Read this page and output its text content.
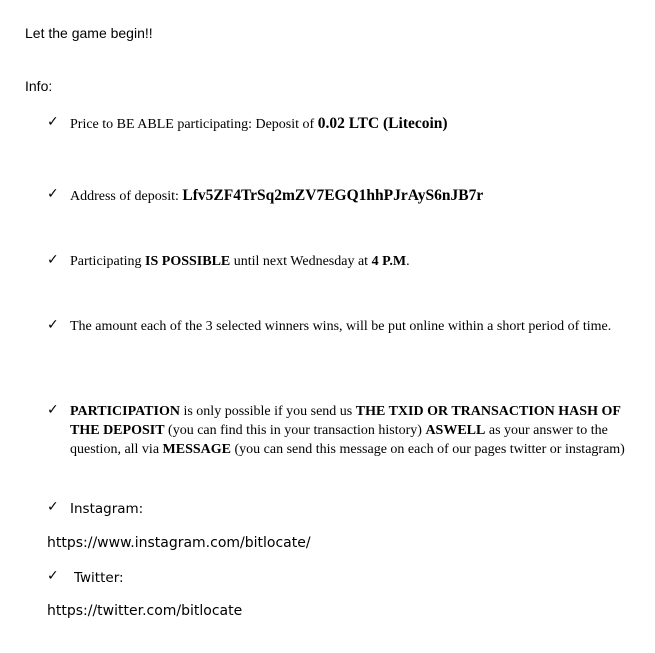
Let the game begin!!
Info:
✓ Price to BE ABLE participating: Deposit of 0.02 LTC (Litecoin)
✓ Address of deposit: Lfv5ZF4TrSq2mZV7EGQ1hhPJrAyS6nJB7r
✓ Participating IS POSSIBLE until next Wednesday at 4 P.M.
✓ The amount each of the 3 selected winners wins, will be put online within a short period of time.
✓ PARTICIPATION is only possible if you send us THE TXID OR TRANSACTION HASH OF THE DEPOSIT (you can find this in your transaction history) ASWELL as your answer to the question, all via MESSAGE (you can send this message on each of our pages twitter or instagram)
✓ Instagram:
https://www.instagram.com/bitlocate/
✓ Twitter:
https://twitter.com/bitlocate
